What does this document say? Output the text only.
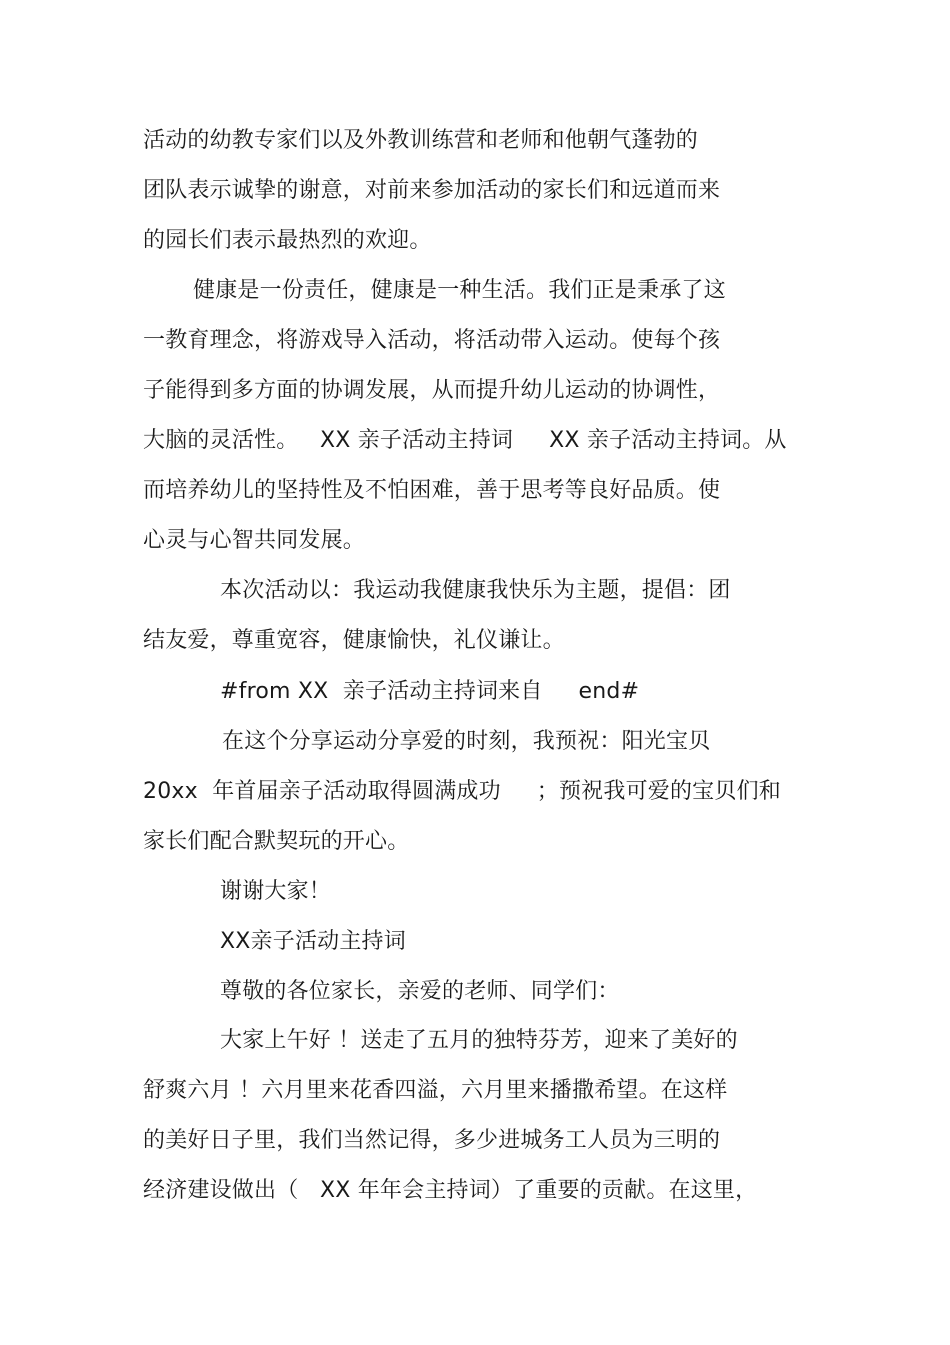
活动的幼教专家们以及外教训练营和老师和他朝气蓬勃的
团队表示诚挚的谢意，对前来参加活动的家长们和远道而来
的园长们表示最热烈的欢迎。
健康是一份责任，健康是一种生活。我们正是秉承了这
一教育理念，将游戏导入活动，将活动带入运动。使每个孩
子能得到多方面的协调发展，从而提升幼儿运动的协调性，
大脑的灵活性。   XX 亲子活动主持词     XX 亲子活动主持词。从
而培养幼儿的坚持性及不怕困难，善于思考等良好品质。使
心灵与心智共同发展。
本次活动以：我运动我健康我快乐为主题，提倡：团
结友爱，尊重宽容，健康愉快，礼仪谦让。
#from XX  亲子活动主持词来自     end#
在这个分享运动分享爱的时刻，我预祝：阳光宝贝
20xx  年首届亲子活动取得圆满成功     ；预祝我可爱的宝贝们和
家长们配合默契玩的开心。
谢谢大家！
XX亲子活动主持词
尊敬的各位家长，亲爱的老师、同学们：
大家上午好 ！送走了五月的独特芬芳，迎来了美好的
舒爽六月 ！六月里来花香四溢，六月里来播撒希望。在这样
的美好日子里，我们当然记得，多少进城务工人员为三明的
经济建设做出（   XX 年年会主持词）了重要的贡献。在这里，
